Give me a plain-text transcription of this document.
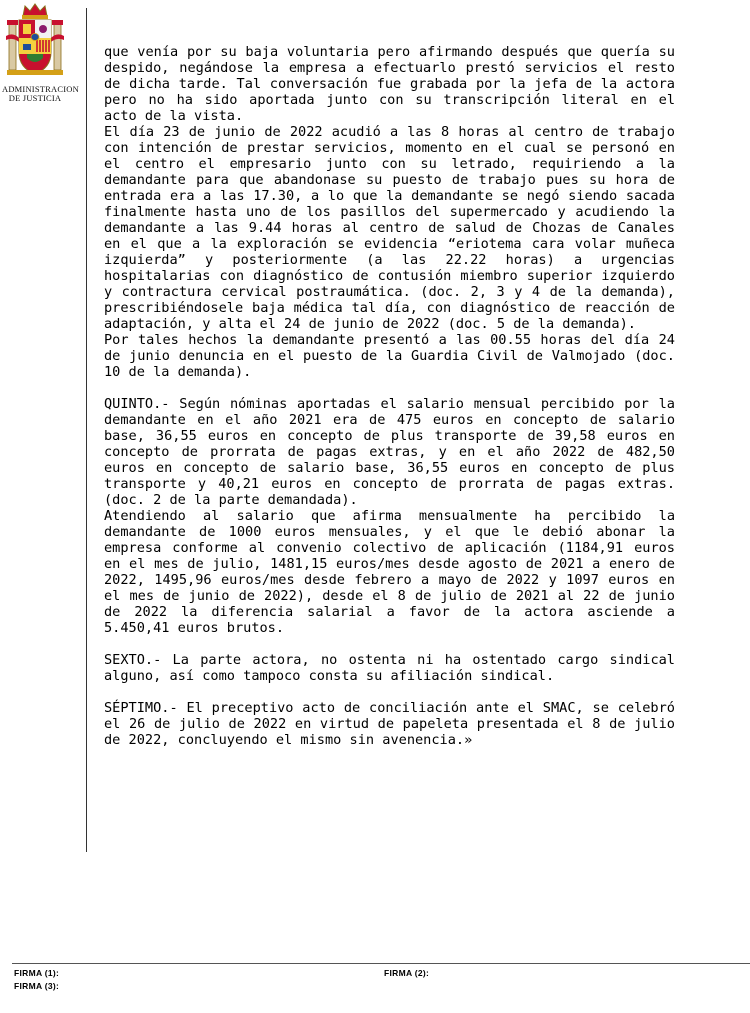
ADMINISTRACION
DE JUSTICIA

que venía por su baja voluntaria pero afirmando después que quería su despido, negándose la empresa a efectuarlo prestó servicios el resto de dicha tarde. Tal conversación fue grabada por la jefa de la actora pero no ha sido aportada junto con su transcripción literal en el acto de la vista.

El día 23 de junio de 2022 acudió a las 8 horas al centro de trabajo con intención de prestar servicios, momento en el cual se personó en el centro el empresario junto con su letrado, requiriendo a la demandante para que abandonase su puesto de trabajo pues su hora de entrada era a las 17.30, a lo que la demandante se negó siendo sacada finalmente hasta uno de los pasillos del supermercado y acudiendo la demandante a las 9.44 horas al centro de salud de Chozas de Canales en el que a la exploración se evidencia “eriotema cara volar muñeca izquierda” y posteriormente (a las 22.22 horas) a urgencias hospitalarias con diagnóstico de contusión miembro superior izquierdo y contractura cervical postraumática. (doc. 2, 3 y 4 de la demanda), prescribiéndosele baja médica tal día, con diagnóstico de reacción de adaptación, y alta el 24 de junio de 2022 (doc. 5 de la demanda).

Por tales hechos la demandante presentó a las 00.55 horas del día 24 de junio denuncia en el puesto de la Guardia Civil de Valmojado (doc. 10 de la demanda).

QUINTO.- Según nóminas aportadas el salario mensual percibido por la demandante en el año 2021 era de 475 euros en concepto de salario base, 36,55 euros en concepto de plus transporte de 39,58 euros en concepto de prorrata de pagas extras, y en el año 2022 de 482,50 euros en concepto de salario base, 36,55 euros en concepto de plus transporte y 40,21 euros en concepto de prorrata de pagas extras. (doc. 2 de la parte demandada).

Atendiendo al salario que afirma mensualmente ha percibido la demandante de 1000 euros mensuales, y el que le debió abonar la empresa conforme al convenio colectivo de aplicación (1184,91 euros en el mes de julio, 1481,15 euros/mes desde agosto de 2021 a enero de 2022, 1495,96 euros/mes desde febrero a mayo de 2022 y 1097 euros en el mes de junio de 2022), desde el 8 de julio de 2021 al 22 de junio de 2022 la diferencia salarial a favor de la actora asciende a 5.450,41 euros brutos.

SEXTO.- La parte actora, no ostenta ni ha ostentado cargo sindical alguno, así como tampoco consta su afiliación sindical.

SÉPTIMO.- El preceptivo acto de conciliación ante el SMAC, se celebró el 26 de julio de 2022 en virtud de papeleta presentada el 8 de julio de 2022, concluyendo el mismo sin avenencia.»

FIRMA (1):	FIRMA (2):
FIRMA (3):
